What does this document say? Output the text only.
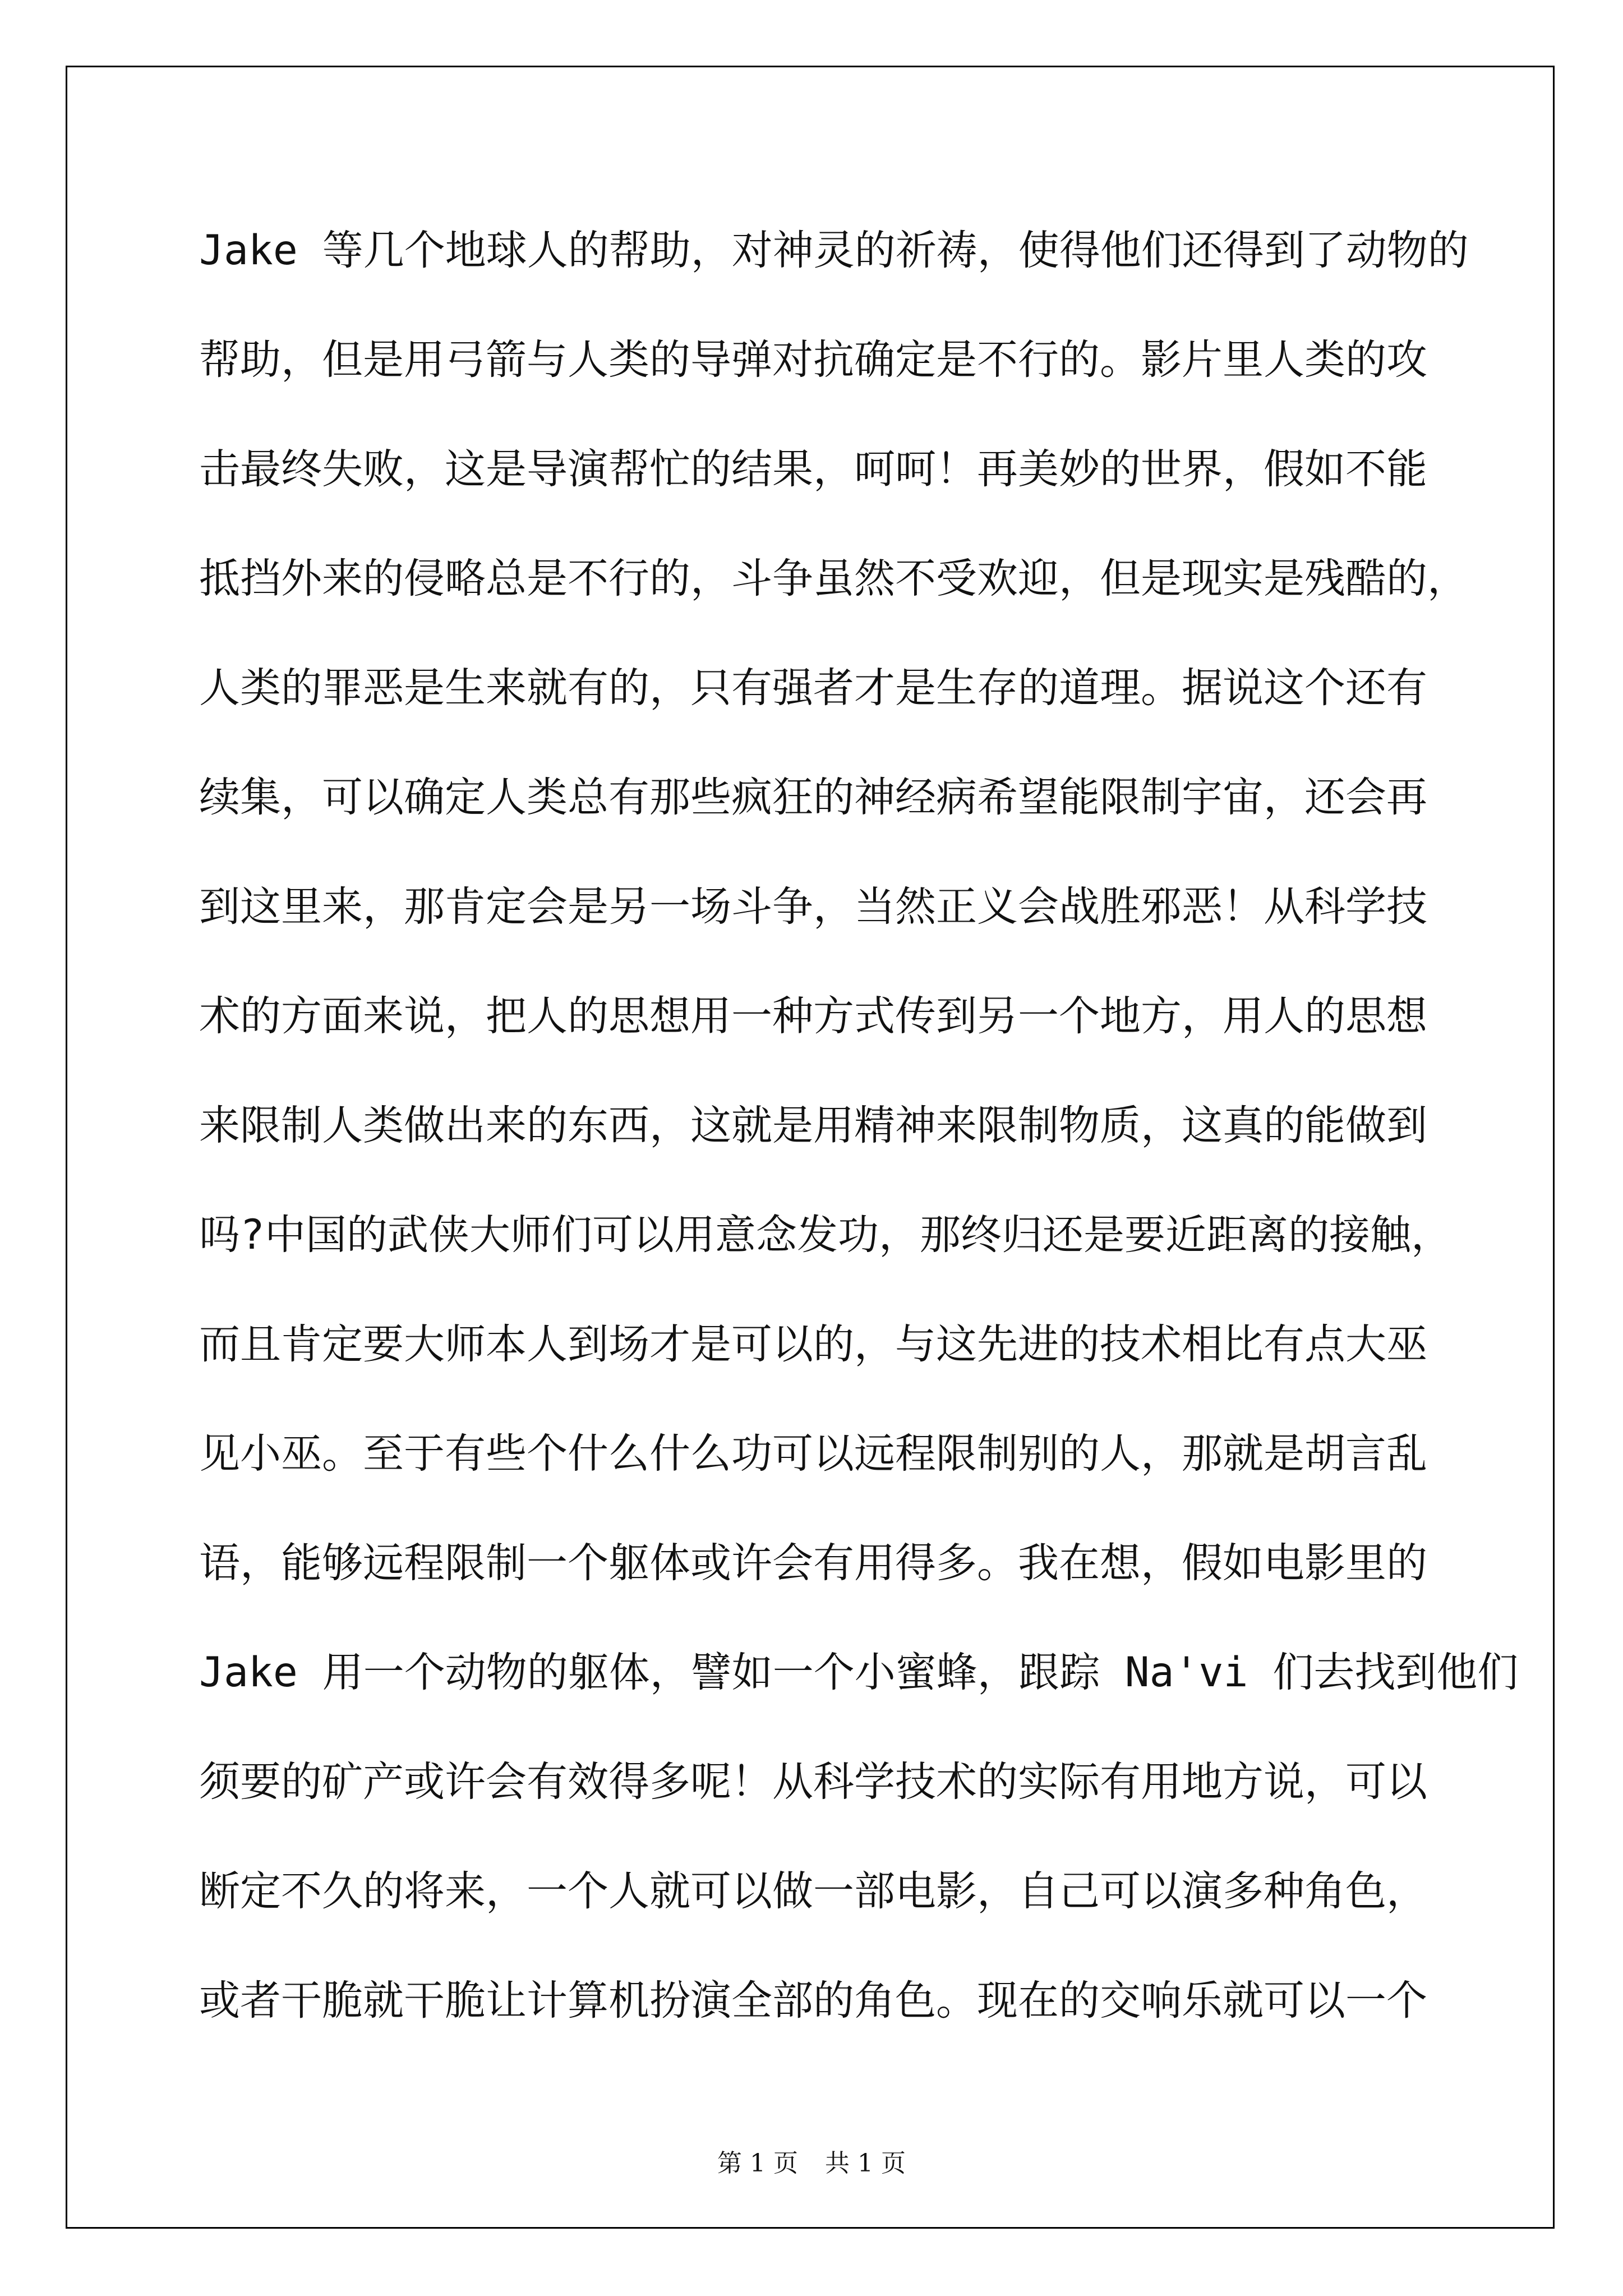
Jake 等几个地球人的帮助，对神灵的祈祷，使得他们还得到了动物的
帮助，但是用弓箭与人类的导弹对抗确定是不行的。影片里人类的攻
击最终失败，这是导演帮忙的结果，呵呵！再美妙的世界，假如不能
抵挡外来的侵略总是不行的，斗争虽然不受欢迎，但是现实是残酷的，
人类的罪恶是生来就有的，只有强者才是生存的道理。据说这个还有
续集，可以确定人类总有那些疯狂的神经病希望能限制宇宙，还会再
到这里来，那肯定会是另一场斗争，当然正义会战胜邪恶！从科学技
术的方面来说，把人的思想用一种方式传到另一个地方，用人的思想
来限制人类做出来的东西，这就是用精神来限制物质，这真的能做到
吗?中国的武侠大师们可以用意念发功，那终归还是要近距离的接触，
而且肯定要大师本人到场才是可以的，与这先进的技术相比有点大巫
见小巫。至于有些个什么什么功可以远程限制别的人，那就是胡言乱
语，能够远程限制一个躯体或许会有用得多。我在想，假如电影里的
Jake 用一个动物的躯体，譬如一个小蜜蜂，跟踪 Na'vi 们去找到他们
须要的矿产或许会有效得多呢！从科学技术的实际有用地方说，可以
断定不久的将来，一个人就可以做一部电影，自己可以演多种角色，
或者干脆就干脆让计算机扮演全部的角色。现在的交响乐就可以一个
第 1 页 共 1 页
